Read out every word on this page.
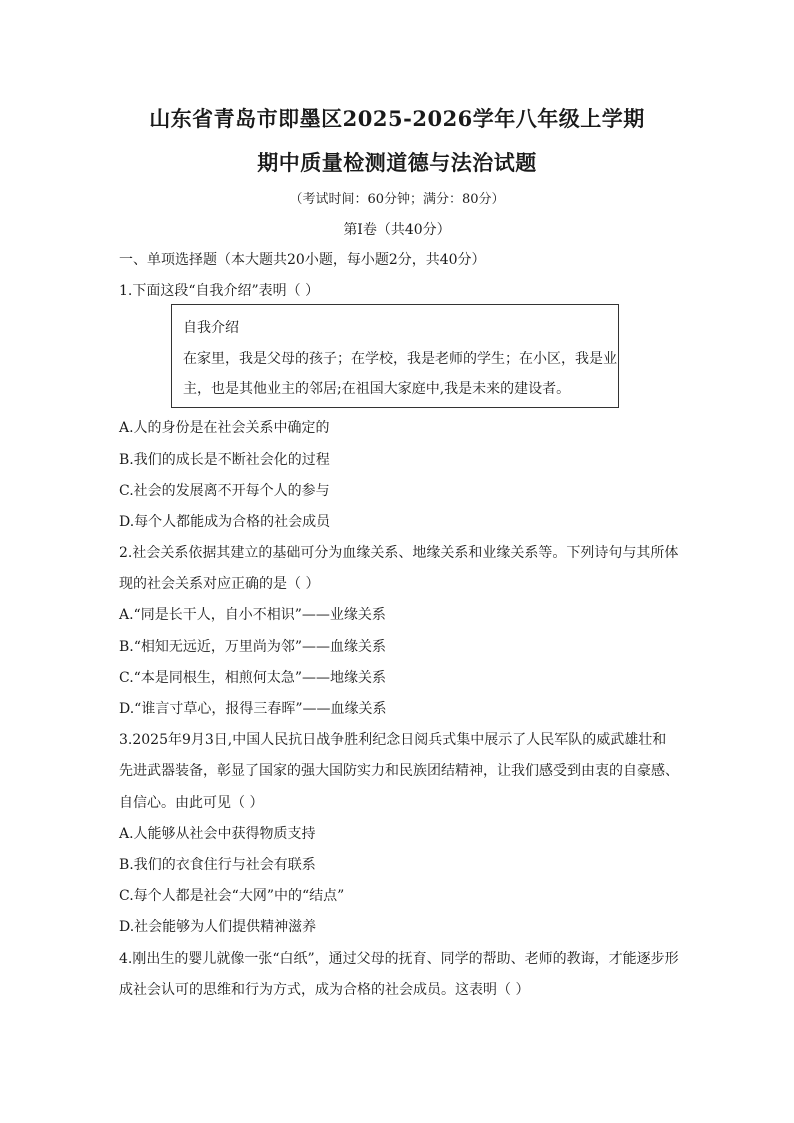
山东省青岛市即墨区2025-2026学年八年级上学期
期中质量检测道德与法治试题
（考试时间：60分钟；满分：80分）
第I卷（共40分）
一、单项选择题（本大题共20小题，每小题2分，共40分）
1.下面这段“自我介绍”表明（ ）
自我介绍
在家里，我是父母的孩子；在学校，我是老师的学生；在小区，我是业
主，也是其他业主的邻居;在祖国大家庭中,我是未来的建设者。
A.人的身份是在社会关系中确定的
B.我们的成长是不断社会化的过程
C.社会的发展离不开每个人的参与
D.每个人都能成为合格的社会成员
2.社会关系依据其建立的基础可分为血缘关系、地缘关系和业缘关系等。下列诗句与其所体
现的社会关系对应正确的是（ ）
A.“同是长干人，自小不相识”——业缘关系
B.“相知无远近，万里尚为邻”——血缘关系
C.“本是同根生，相煎何太急”——地缘关系
D.“谁言寸草心，报得三春晖”——血缘关系
3.2025年9月3日,中国人民抗日战争胜利纪念日阅兵式集中展示了人民军队的威武雄壮和
先进武器装备，彰显了国家的强大国防实力和民族团结精神，让我们感受到由衷的自豪感、
自信心。由此可见（ ）
A.人能够从社会中获得物质支持
B.我们的衣食住行与社会有联系
C.每个人都是社会“大网”中的“结点”
D.社会能够为人们提供精神滋养
4.刚出生的婴儿就像一张“白纸”，通过父母的抚育、同学的帮助、老师的教诲，才能逐步形
成社会认可的思维和行为方式，成为合格的社会成员。这表明（ ）
